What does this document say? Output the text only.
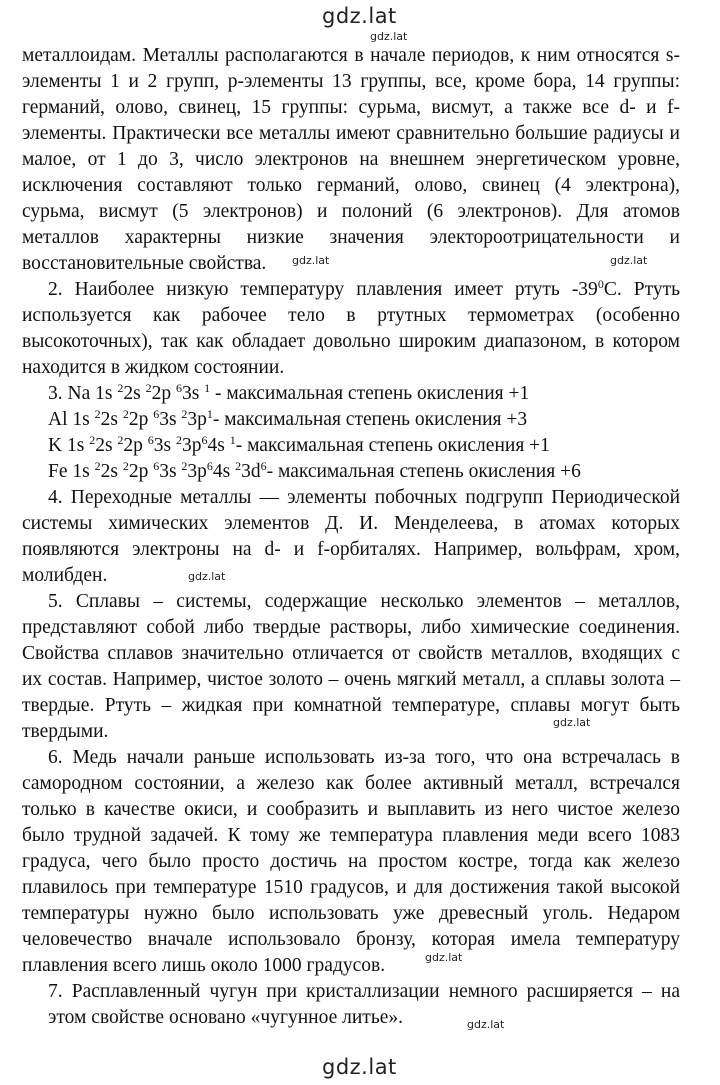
gdz.lat
gdz.lat
gdz.lat	gdz.lat
gdz.lat
gdz.lat
gdz.lat
gdz.lat
gdz.lat
металлоидам. Металлы располагаются в начале периодов, к ним относятся s-
элементы 1 и 2 групп, p-элементы 13 группы, все, кроме бора, 14 группы:
германий, олово, свинец, 15 группы: сурьма, висмут, а также все d- и f-
элементы. Практически все металлы имеют сравнительно большие радиусы и
малое, от 1 до 3, число электронов на внешнем энергетическом уровне,
исключения составляют только германий, олово, свинец (4 электрона),
сурьма, висмут (5 электронов) и полоний (6 электронов). Для атомов
металлов характерны низкие значения электороотрицательности и
восстановительные свойства.
2. Наиболее низкую температуру плавления имеет ртуть $-39^0С$. Ртуть
используется как рабочее тело в ртутных термометрах (особенно
высокоточных), так как обладает довольно широким диапазоном, в котором
находится в жидком состоянии.
3. Na 1s $^2$2s $^2$2p $^6$3s $^1$ - максимальная степень окисления +1
Al 1s $^2$2s $^2$2p $^6$3s $^23p^1-$ максимальная степень окисления +3
K 1s $^2$2s $^2$2p $^6$3s $^23p^64s$ $^1$- максимальная степень окисления +1
Fe 1s $^2$2s $^2$2p $^6$3s $^23p^64s$ $^23d^6-$ максимальная степень окисления +6
4. Переходные металлы — элементы побочных подгрупп Периодической
системы химических элементов Д. И. Менделеева, в атомах которых
появляются электроны на d- и f-орбиталях. Например, вольфрам, хром,
молибден.
5. Сплавы – системы, содержащие несколько элементов – металлов,
представляют собой либо твердые растворы, либо химические соединения.
Свойства сплавов значительно отличается от свойств металлов, входящих с
их состав. Например, чистое золото – очень мягкий металл, а сплавы золота –
твердые. Ртуть – жидкая при комнатной температуре, сплавы могут быть
твердыми.
6. Медь начали раньше использовать из-за того, что она встречалась в
самородном состоянии, а железо как более активный металл, встречался
только в качестве окиси, и сообразить и выплавить из него чистое железо
было трудной задачей. К тому же температура плавления меди всего 1083
градуса, чего было просто достичь на простом костре, тогда как железо
плавилось при температуре 1510 градусов, и для достижения такой высокой
температуры нужно было использовать уже древесный уголь. Недаром
человечество вначале использовало бронзу, которая имела температуру
плавления всего лишь около 1000 градусов.
7. Расплавленный чугун при кристаллизации немного расширяется – на
этом свойстве основано «чугунное литье».
